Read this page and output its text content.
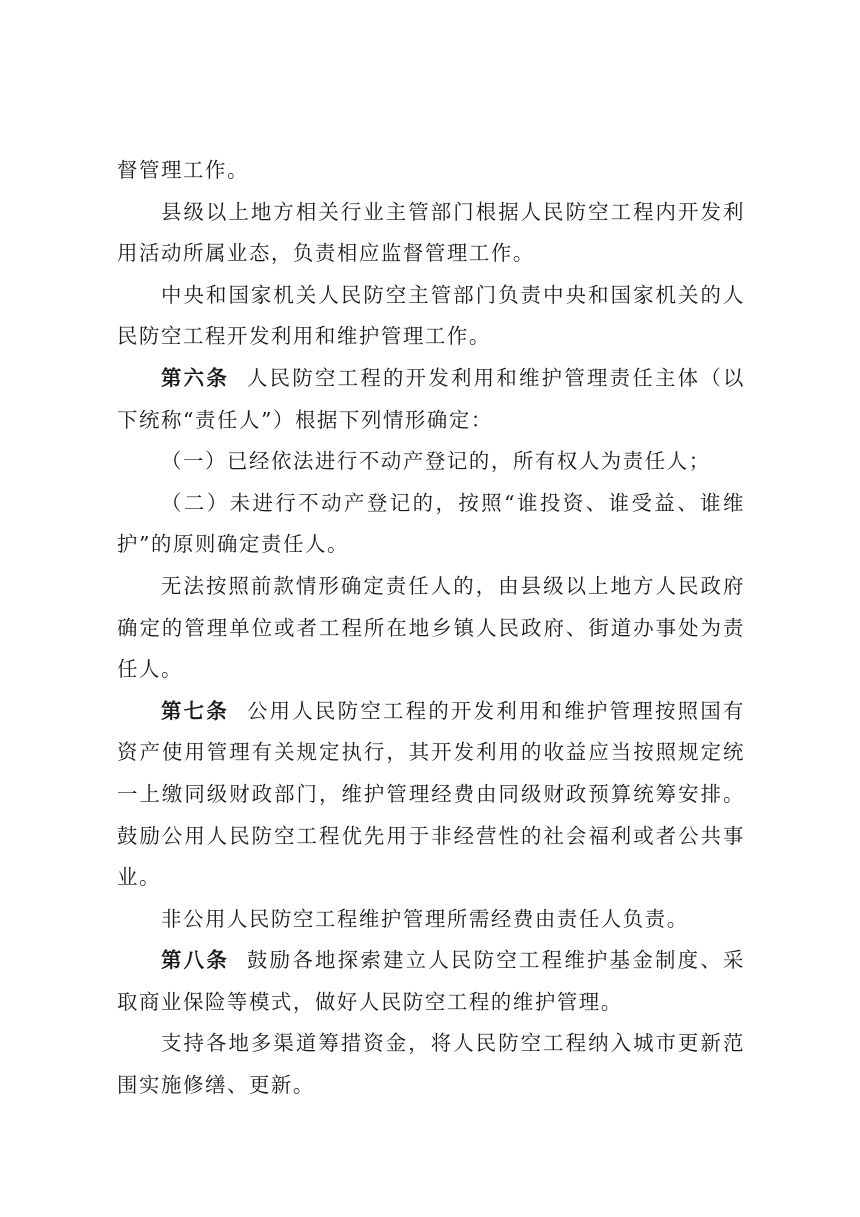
督管理工作。

县级以上地方相关行业主管部门根据人民防空工程内开发利用活动所属业态，负责相应监督管理工作。

中央和国家机关人民防空主管部门负责中央和国家机关的人民防空工程开发利用和维护管理工作。

第六条 人民防空工程的开发利用和维护管理责任主体（以下统称“责任人”）根据下列情形确定：

（一）已经依法进行不动产登记的，所有权人为责任人；

（二）未进行不动产登记的，按照“谁投资、谁受益、谁维护”的原则确定责任人。

无法按照前款情形确定责任人的，由县级以上地方人民政府确定的管理单位或者工程所在地乡镇人民政府、街道办事处为责任人。

第七条 公用人民防空工程的开发利用和维护管理按照国有资产使用管理有关规定执行，其开发利用的收益应当按照规定统一上缴同级财政部门，维护管理经费由同级财政预算统筹安排。鼓励公用人民防空工程优先用于非经营性的社会福利或者公共事业。

非公用人民防空工程维护管理所需经费由责任人负责。

第八条 鼓励各地探索建立人民防空工程维护基金制度、采取商业保险等模式，做好人民防空工程的维护管理。

支持各地多渠道筹措资金，将人民防空工程纳入城市更新范围实施修缮、更新。
